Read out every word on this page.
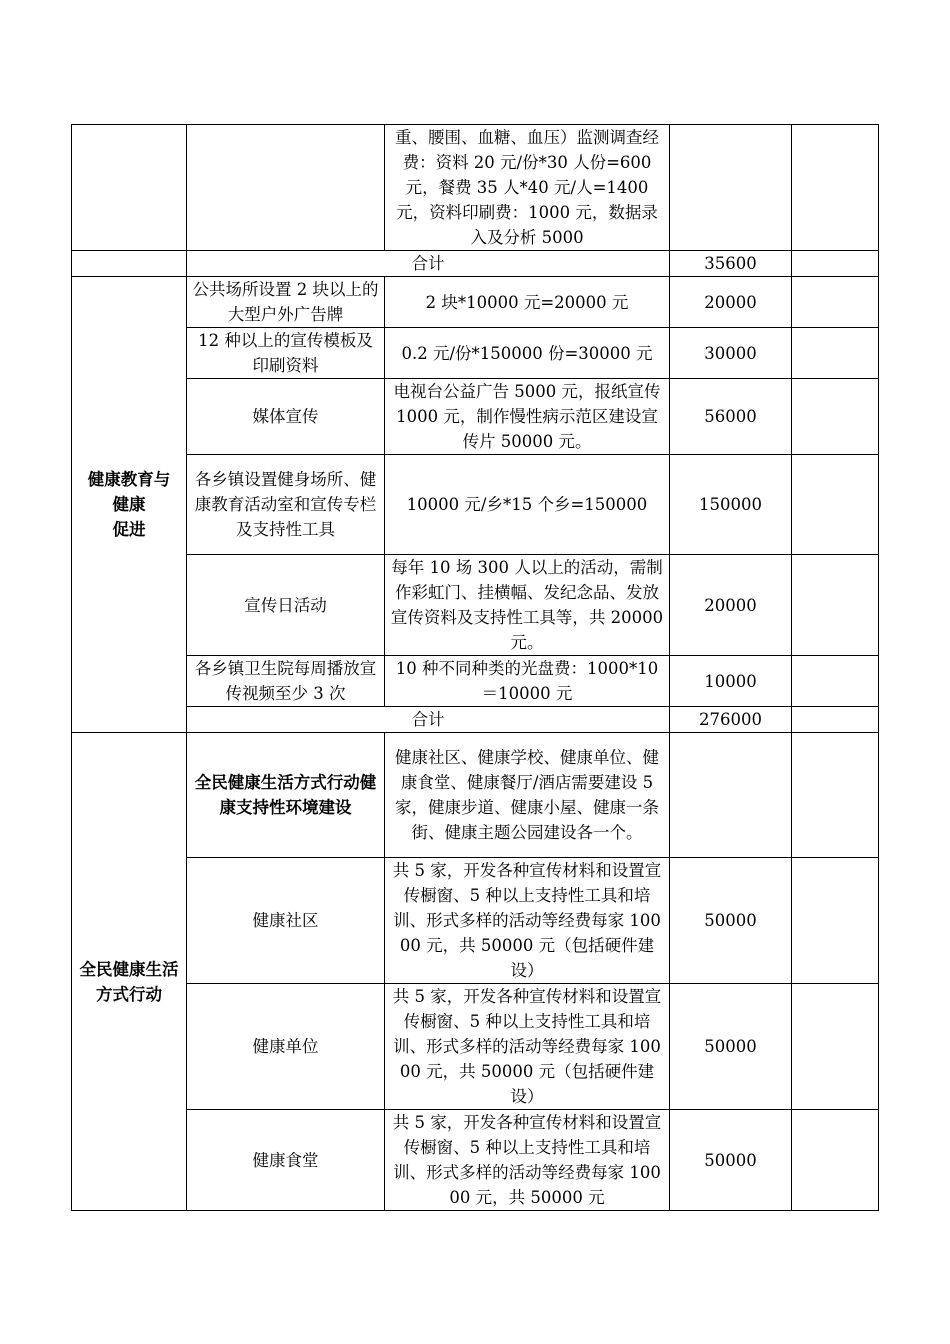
		重、腰围、血糖、血压）监测调查经费：资料 20 元/份*30 人份=600 元，餐费 35 人*40 元/人=1400 元，资料印刷费：1000 元，数据录入及分析 5000		
	合计		35600	

健康教育与
健康
促进	公共场所设置 2 块以上的大型户外广告牌	2 块*10000 元=20000 元	20000	
	12 种以上的宣传模板及印刷资料	0.2 元/份*150000 份=30000 元	30000	
	媒体宣传	电视台公益广告 5000 元，报纸宣传 1000 元，制作慢性病示范区建设宣传片 50000 元。	56000	
	各乡镇设置健身场所、健康教育活动室和宣传专栏及支持性工具	10000 元/乡*15 个乡=150000	150000	
	宣传日活动	每年 10 场 300 人以上的活动，需制作彩虹门、挂横幅、发纪念品、发放宣传资料及支持性工具等，共 20000 元。	20000	
	各乡镇卫生院每周播放宣传视频至少 3 次	10 种不同种类的光盘费：1000*10＝10000 元	10000	
	合计		276000	
全民健康生活方式行动	全民健康生活方式行动健康支持性环境建设	健康社区、健康学校、健康单位、健康食堂、健康餐厅/酒店需要建设 5 家，健康步道、健康小屋、健康一条街、健康主题公园建设各一个。		
	健康社区	共 5 家，开发各种宣传材料和设置宣传橱窗、5 种以上支持性工具和培训、形式多样的活动等经费每家 10000 元，共 50000 元（包括硬件建设）	50000	
	健康单位	共 5 家，开发各种宣传材料和设置宣传橱窗、5 种以上支持性工具和培训、形式多样的活动等经费每家 10000 元，共 50000 元（包括硬件建设）	50000	
	健康食堂	共 5 家，开发各种宣传材料和设置宣传橱窗、5 种以上支持性工具和培训、形式多样的活动等经费每家 10000 元，共 50000 元	50000	
